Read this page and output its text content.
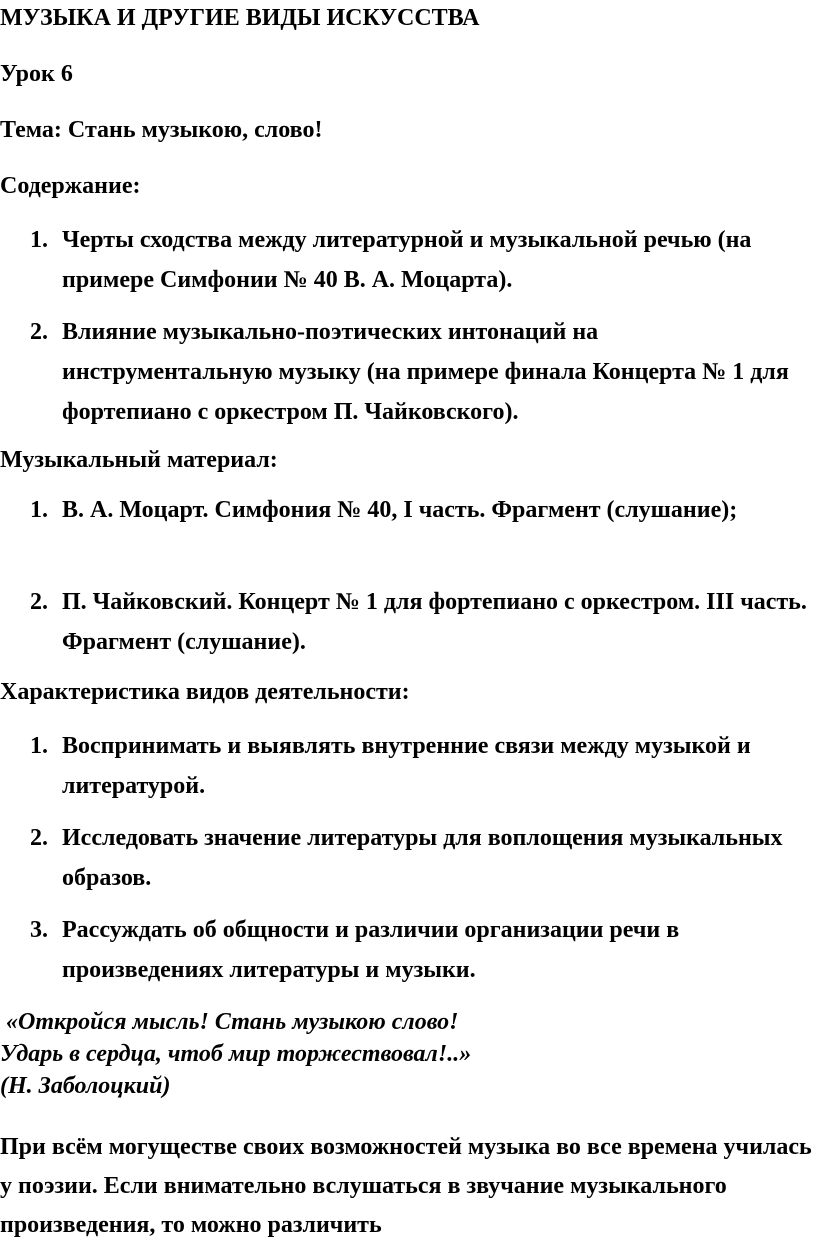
МУЗЫКА И ДРУГИЕ ВИДЫ ИСКУССТВА
Урок 6
Тема: Стань музыкою, слово!
Содержание:
1. Черты сходства между литературной и музыкальной речью (на примере Симфонии № 40 В. А. Моцарта).
2. Влияние музыкально-поэтических интонаций на инструментальную музыку (на примере финала Концерта № 1 для фортепиано с оркестром П. Чайковского).
Музыкальный материал:
1. В. А. Моцарт. Симфония № 40, I часть. Фрагмент (слушание);
2. П. Чайковский. Концерт № 1 для фортепиано с оркестром. III часть. Фрагмент (слушание).
Характеристика видов деятельности:
1. Воспринимать и выявлять внутренние связи между музыкой и литературой.
2. Исследовать значение литературы для воплощения музыкальных образов.
3. Рассуждать об общности и различии организации речи в произведениях литературы и музыки.
«Откройся мысль! Стань музыкою слово!
Ударь в сердца, чтоб мир торжествовал!..»
(Н. Заболоцкий)
При всём могуществе своих возможностей музыка во все времена училась у поэзии. Если внимательно вслушаться в звучание музыкального произведения, то можно различить
